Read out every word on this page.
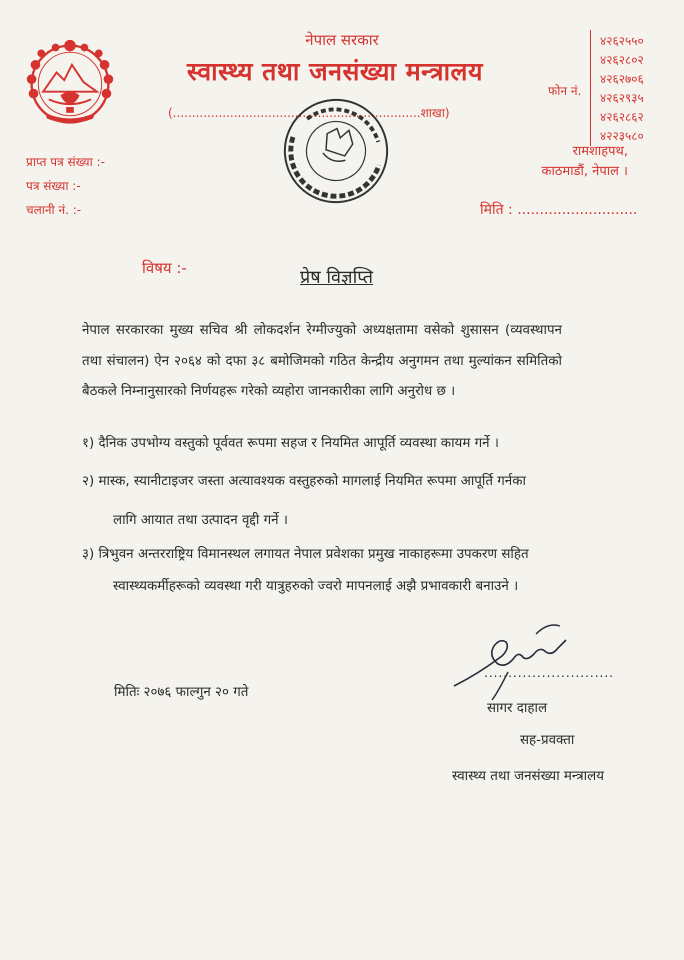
नेपाल सरकार
स्वास्थ्य तथा जनसंख्या मन्त्रालय
(.................................................................शाखा)
फोन नं.
४२६२५५०
४२६२८०२
४२६२७०६
४२६२९३५
४२६२८६२
४२२३५८०
प्राप्त पत्र संख्या :-
पत्र संख्या :-
चलानी नं. :-
रामशाहपथ,
काठमाडौं, नेपाल ।
मिति : ...........................
विषय :-	प्रेष विज्ञप्ति
नेपाल सरकारका मुख्य सचिव श्री लोकदर्शन रेग्मीज्युको अध्यक्षतामा वसेको शुसासन (व्यवस्थापन तथा संचालन) ऐन २०६४ को दफा ३८ बमोजिमको गठित केन्द्रीय अनुगमन तथा मुल्यांकन समितिको बैठकले निम्नानुसारको निर्णयहरू गरेको व्यहोरा जानकारीका लागि अनुरोध छ ।
१) दैनिक उपभोग्य वस्तुको पूर्ववत रूपमा सहज र नियमित आपूर्ति व्यवस्था कायम गर्ने ।
२) मास्क, स्यानीटाइजर जस्ता अत्यावश्यक वस्तुहरुको मागलाई नियमित रूपमा आपूर्ति गर्नका
लागि आयात तथा उत्पादन वृद्दी गर्ने ।
३) त्रिभुवन अन्तरराष्ट्रिय विमानस्थल लगायत नेपाल प्रवेशका प्रमुख नाकाहरूमा उपकरण सहित
स्वास्थ्यकर्मीहरूको व्यवस्था गरी यात्रुहरुको ज्वरो मापनलाई अझै प्रभावकारी बनाउने ।
मितिः २०७६ फाल्गुन २० गते
...........................
सागर दाहाल
सह-प्रवक्ता
स्वास्थ्य तथा जनसंख्या मन्त्रालय
